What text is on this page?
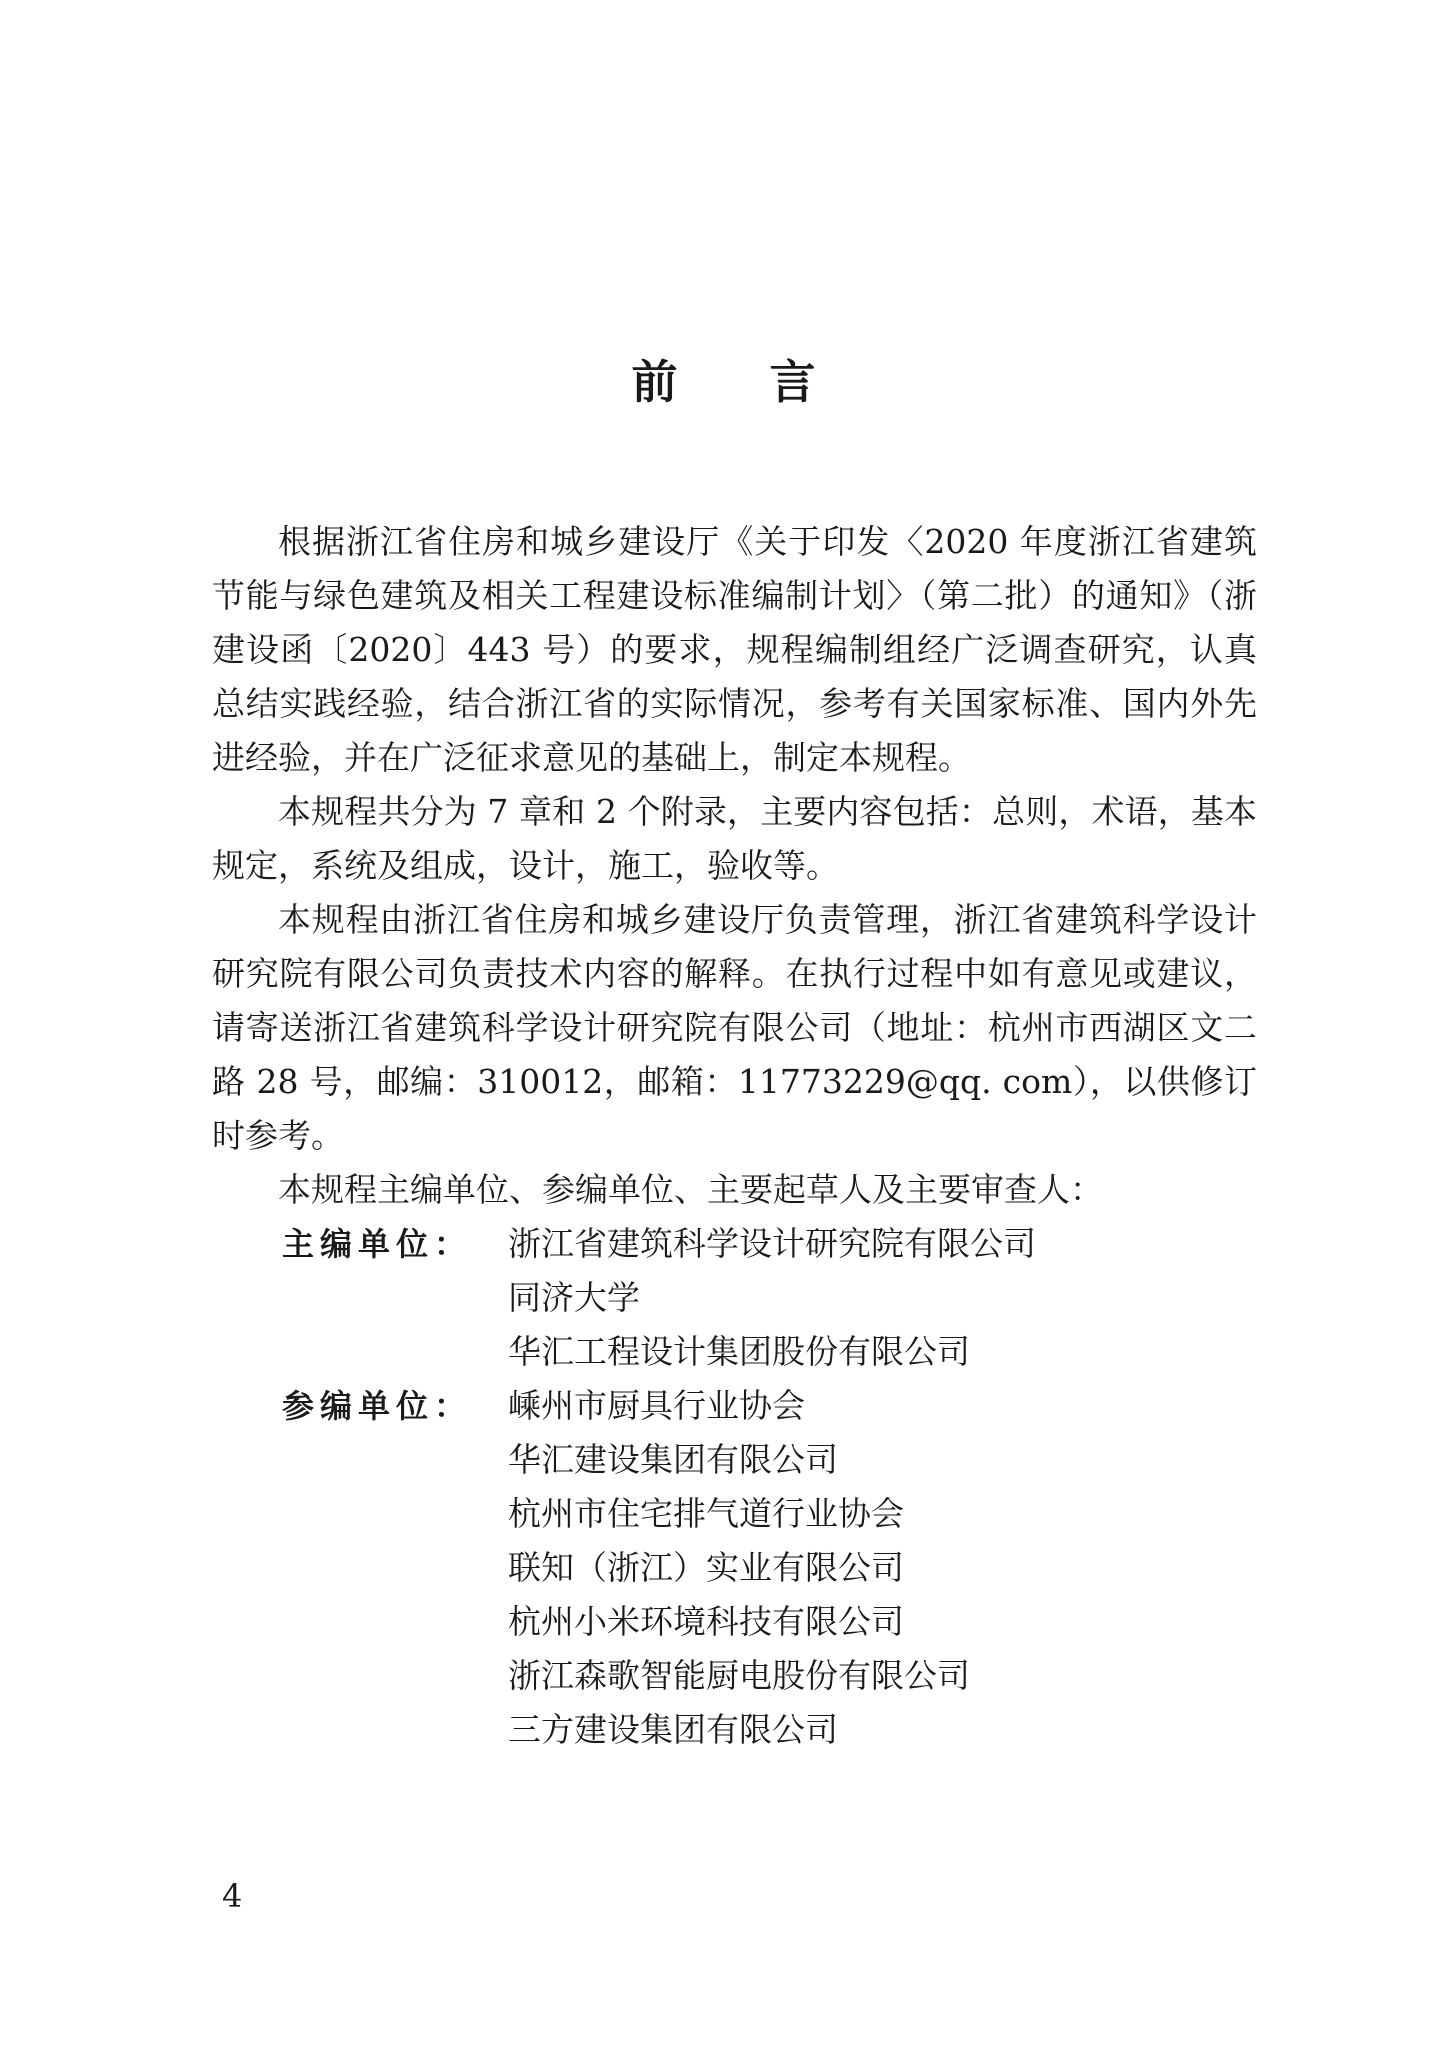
前 言

根据浙江省住房和城乡建设厅《关于印发〈2020 年度浙江省建筑节能与绿色建筑及相关工程建设标准编制计划〉（第二批）的通知》（浙建设函〔2020〕443 号）的要求，规程编制组经广泛调查研究，认真总结实践经验，结合浙江省的实际情况，参考有关国家标准、国内外先进经验，并在广泛征求意见的基础上，制定本规程。

本规程共分为 7 章和 2 个附录，主要内容包括：总则，术语，基本规定，系统及组成，设计，施工，验收等。

本规程由浙江省住房和城乡建设厅负责管理，浙江省建筑科学设计研究院有限公司负责技术内容的解释。在执行过程中如有意见或建议，请寄送浙江省建筑科学设计研究院有限公司（地址：杭州市西湖区文二路 28 号，邮编：310012，邮箱：11773229@qq. com），以供修订时参考。

本规程主编单位、参编单位、主要起草人及主要审查人：

主编单位：	浙江省建筑科学设计研究院有限公司
同济大学
华汇工程设计集团股份有限公司
参编单位：	嵊州市厨具行业协会
华汇建设集团有限公司
杭州市住宅排气道行业协会
联知（浙江）实业有限公司
杭州小米环境科技有限公司
浙江森歌智能厨电股份有限公司
三方建设集团有限公司
4
